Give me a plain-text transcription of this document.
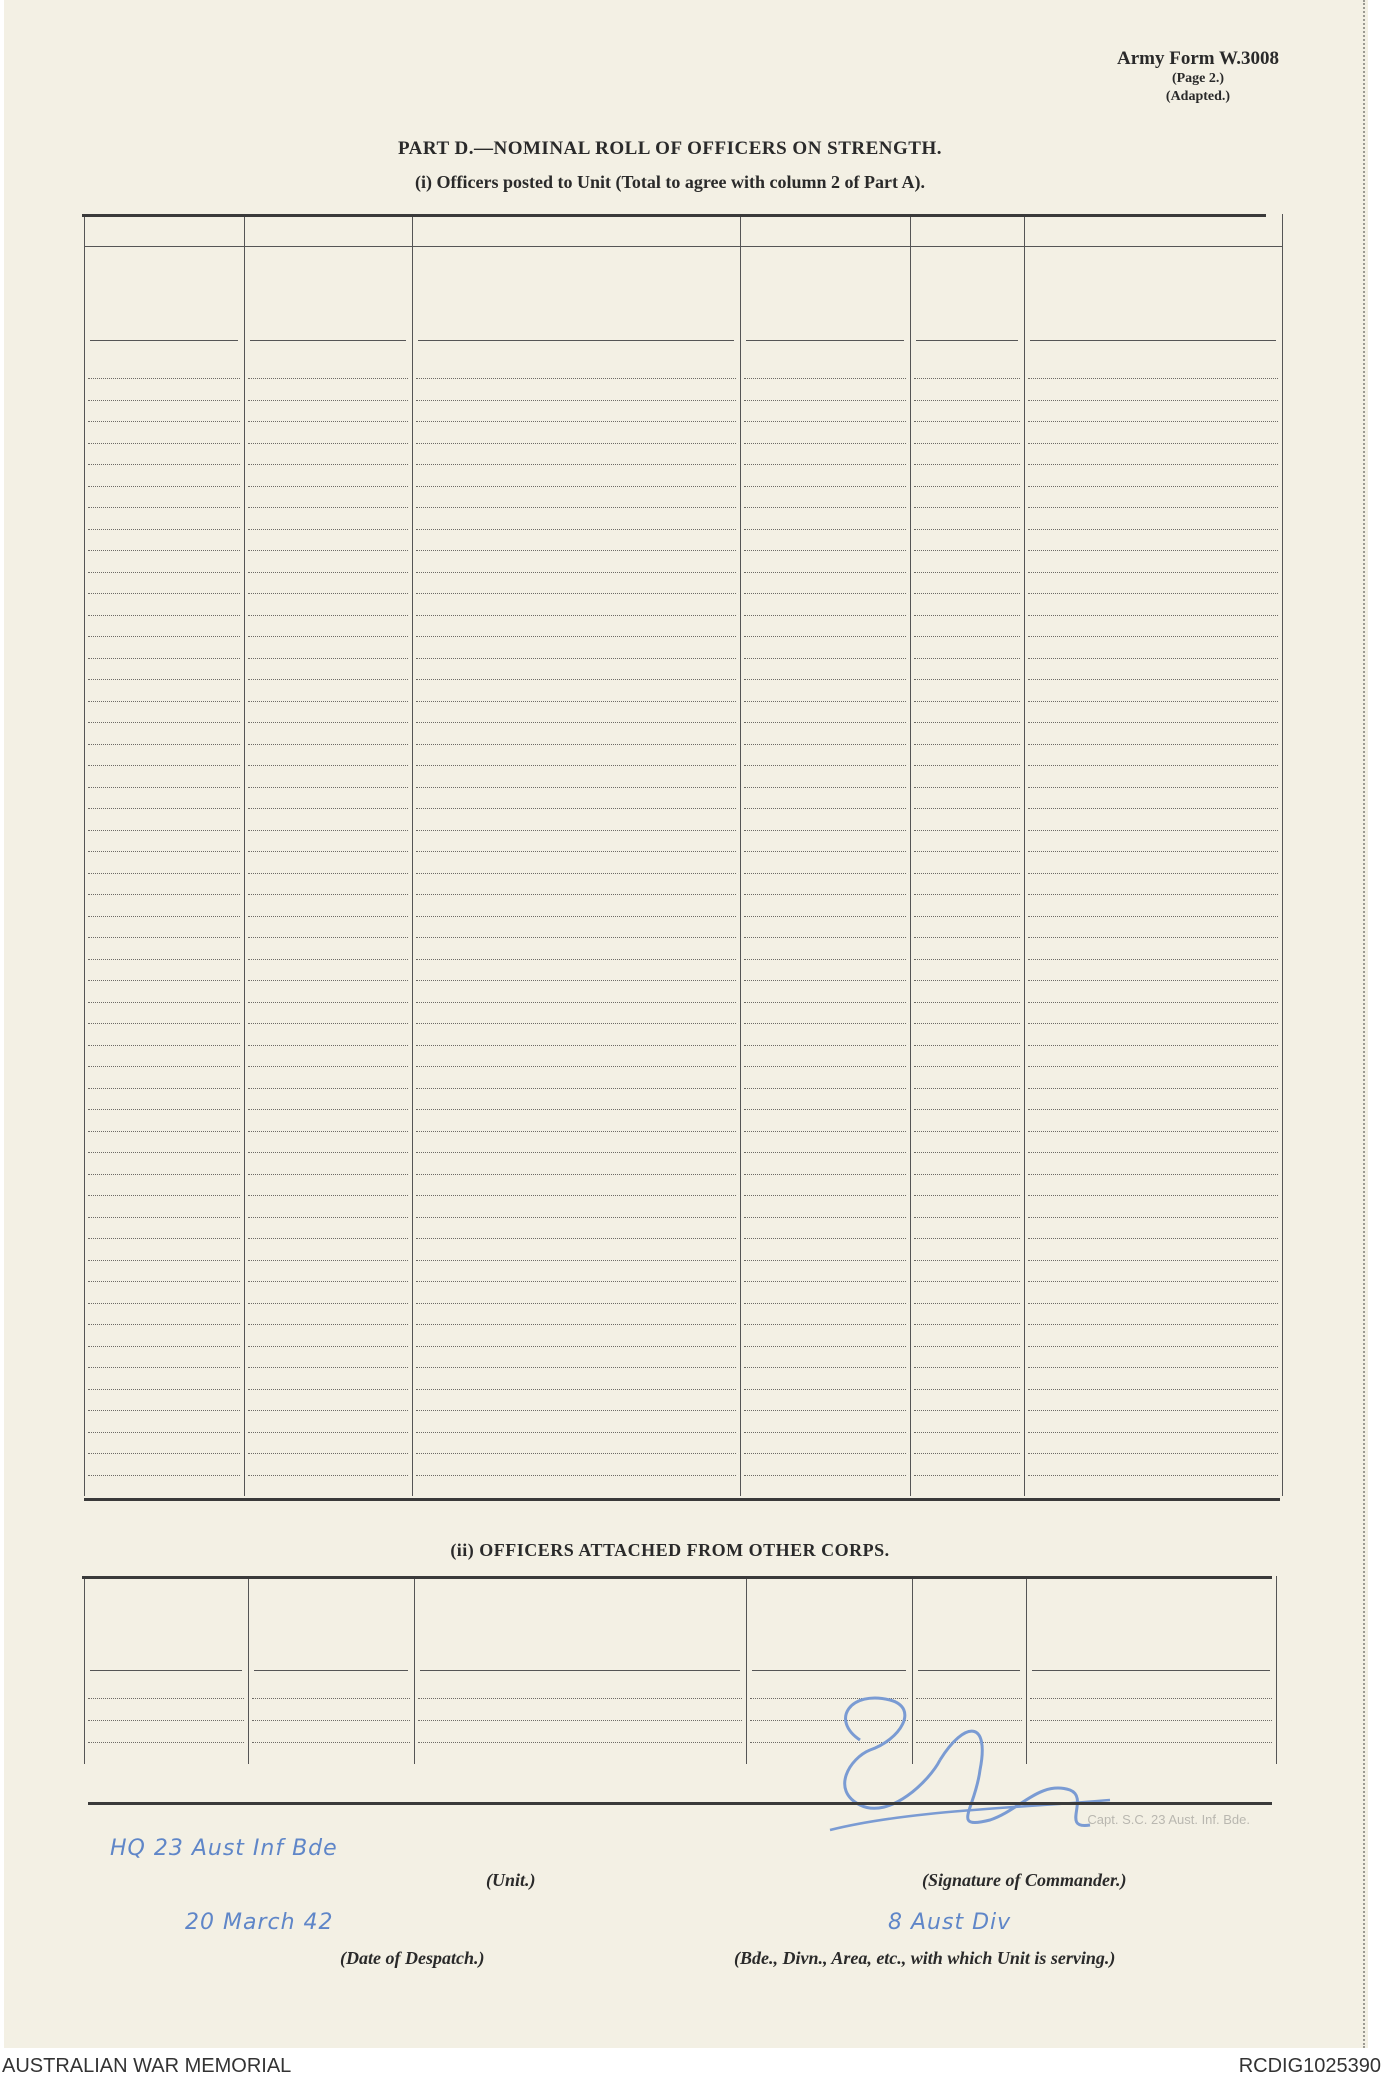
Army Form W.3008
(Page 2.)
(Adapted.)
PART D.—NOMINAL ROLL OF OFFICERS ON STRENGTH.
(i) Officers posted to Unit (Total to agree with column 2 of Part A).
(ii) OFFICERS ATTACHED FROM OTHER CORPS.
Capt. S.C. 23 Aust. Inf. Bde.
HQ 23 Aust Inf Bde
(Unit.)	(Signature of Commander.)
20 March 42	8 Aust Div
(Date of Despatch.)	(Bde., Divn., Area, etc., with which Unit is serving.)
AUSTRALIAN WAR MEMORIAL	RCDIG1025390
